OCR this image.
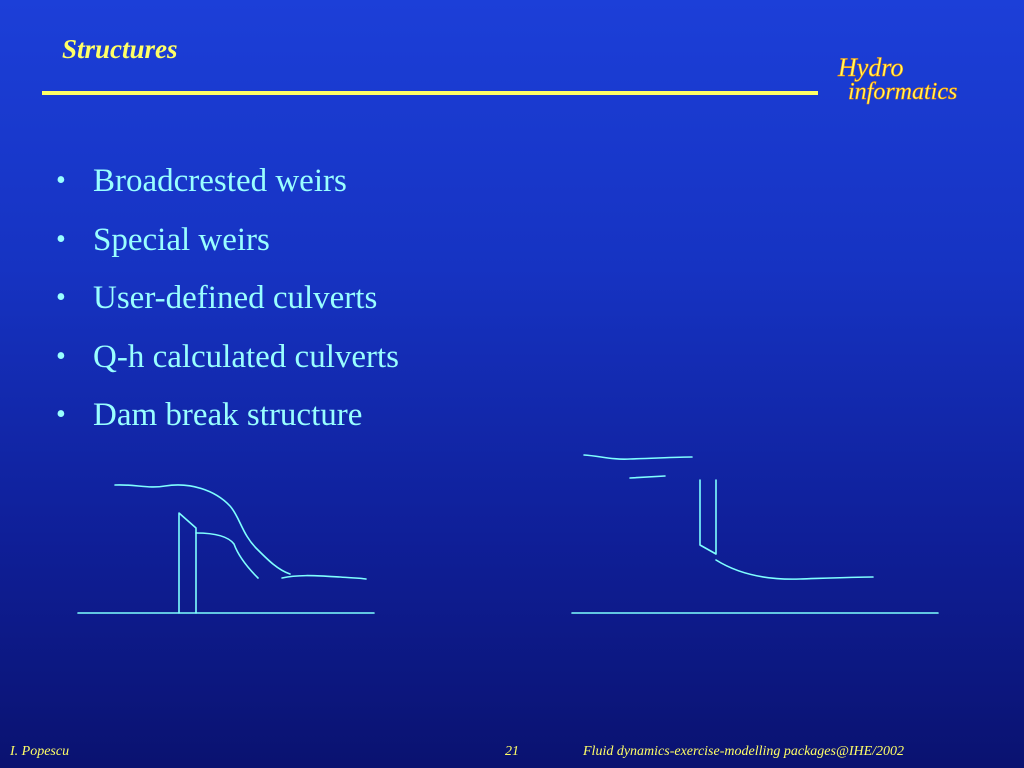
Structures
Hydro
informatics
• Broadcrested weirs
• Special weirs
• User-defined culverts
• Q-h calculated culverts
• Dam break structure
I. Popescu	21	Fluid dynamics-exercise-modelling packages@IHE/2002
